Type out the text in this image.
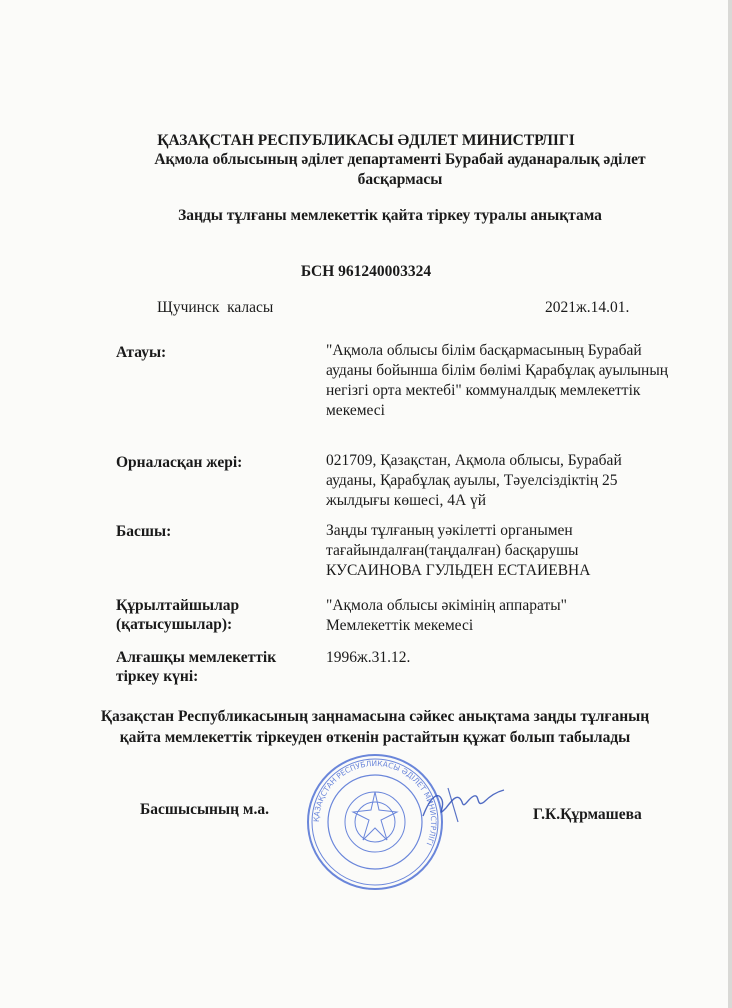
ҚАЗАҚСТАН РЕСПУБЛИКАСЫ ӘДІЛЕТ МИНИСТРЛІГІ
Ақмола облысының әділет департаменті Бурабай ауданаралық әділет басқармасы
Заңды тұлғаны мемлекеттік қайта тіркеу туралы анықтама
БСН 961240003324
Щучинск  каласы	2021ж.14.01.
Атауы:	"Ақмола облысы білім басқармасының Бурабай ауданы бойынша білім бөлімі Қарабұлақ ауылының негізгі орта мектебі" коммуналдық мемлекеттік мекемесі
Орналасқан жері:	021709, Қазақстан, Ақмола облысы, Бурабай ауданы, Қарабұлақ ауылы, Тәуелсіздіктің 25 жылдығы көшесі, 4А үй
Басшы:	Заңды тұлғаның уәкілетті органымен тағайындалған(таңдалған) басқарушы КУСАИНОВА ГУЛЬДЕН ЕСТАИЕВНА
Құрылтайшылар (қатысушылар):
"Ақмола облысы әкімінің аппараты" Мемлекеттік мекемесі
Алғашқы мемлекеттік тіркеу күні:
1996ж.31.12.
Қазақстан Республикасының заңнамасына сәйкес анықтама заңды тұлғаның қайта мемлекеттік тіркеуден өткенін растайтын құжат болып табылады
ҚАЗАҚСТАН РЕСПУБЛИКАСЫ ӘДІЛЕТ МИНИСТРЛІГІ
Басшысының м.а.	Г.К.Құрмашева
